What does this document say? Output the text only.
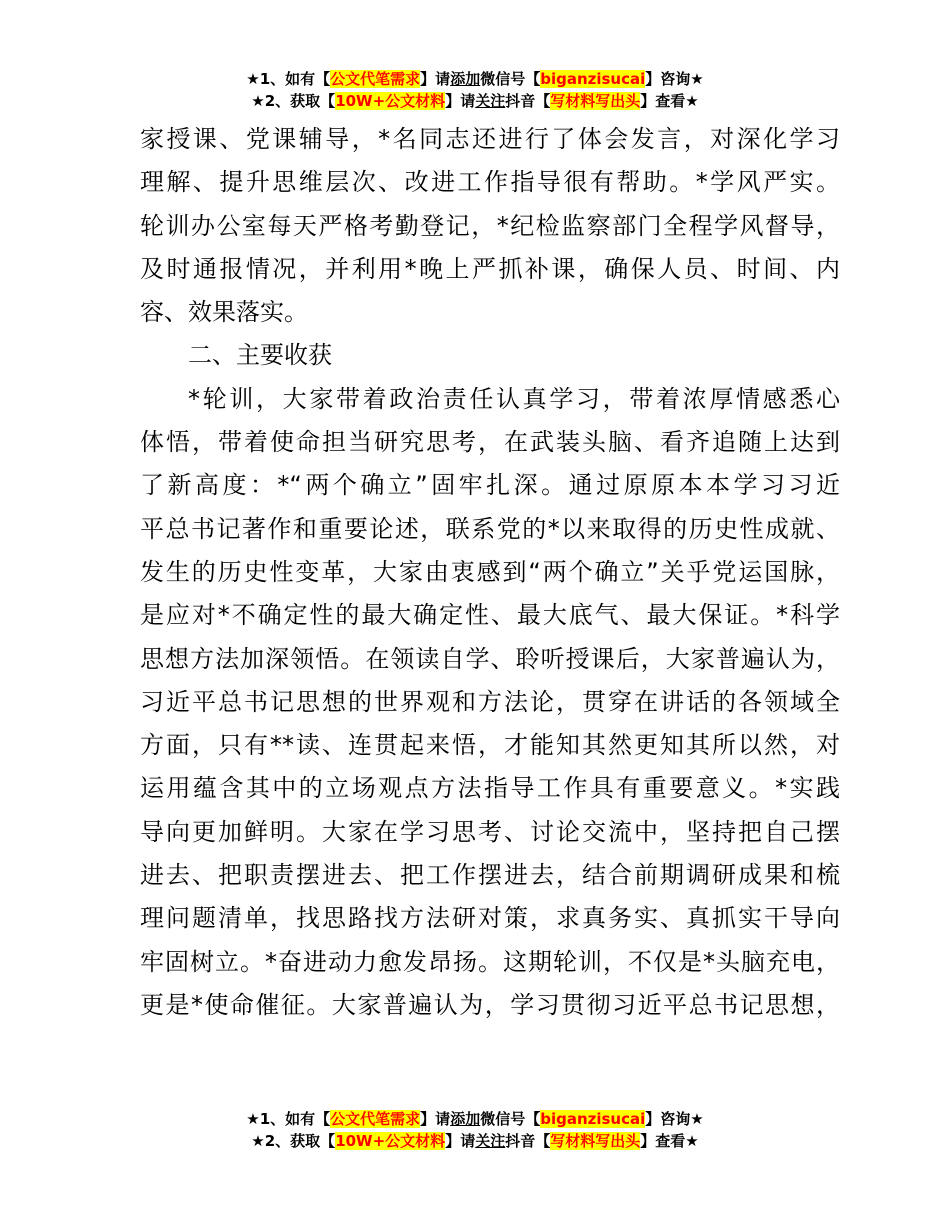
★1、如有【公文代笔需求】请添加微信号【biganzisucai】咨询★
★2、获取【10W+公文材料】请关注抖音【写材料写出头】查看★
家授课、党课辅导，*名同志还进行了体会发言，对深化学习
理解、提升思维层次、改进工作指导很有帮助。*学风严实。
轮训办公室每天严格考勤登记，*纪检监察部门全程学风督导，
及时通报情况，并利用*晚上严抓补课，确保人员、时间、内
容、效果落实。
二、主要收获
*轮训，大家带着政治责任认真学习，带着浓厚情感悉心
体悟，带着使命担当研究思考，在武装头脑、看齐追随上达到
了新高度：*“两个确立”固牢扎深。通过原原本本学习习近
平总书记著作和重要论述，联系党的*以来取得的历史性成就、
发生的历史性变革，大家由衷感到“两个确立”关乎党运国脉，
是应对*不确定性的最大确定性、最大底气、最大保证。*科学
思想方法加深领悟。在领读自学、聆听授课后，大家普遍认为，
习近平总书记思想的世界观和方法论，贯穿在讲话的各领域全
方面，只有**读、连贯起来悟，才能知其然更知其所以然，对
运用蕴含其中的立场观点方法指导工作具有重要意义。*实践
导向更加鲜明。大家在学习思考、讨论交流中，坚持把自己摆
进去、把职责摆进去、把工作摆进去，结合前期调研成果和梳
理问题清单，找思路找方法研对策，求真务实、真抓实干导向
牢固树立。*奋进动力愈发昂扬。这期轮训，不仅是*头脑充电，
更是*使命催征。大家普遍认为，学习贯彻习近平总书记思想，
★1、如有【公文代笔需求】请添加微信号【biganzisucai】咨询★
★2、获取【10W+公文材料】请关注抖音【写材料写出头】查看★
